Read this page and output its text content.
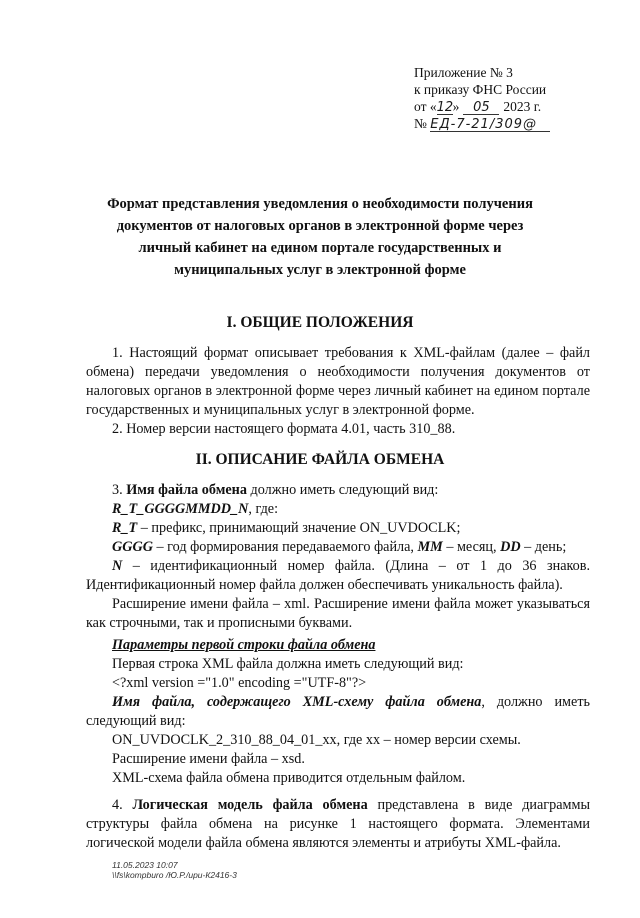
Приложение № 3
к приказу ФНС России
от «12» 05 2023 г.
№ ЕД-7-21/309@
Формат представления уведомления о необходимости получения документов от налоговых органов в электронной форме через личный кабинет на едином портале государственных и муниципальных услуг в электронной форме
I. ОБЩИЕ ПОЛОЖЕНИЯ

1. Настоящий формат описывает требования к XML-файлам (далее – файл обмена) передачи уведомления о необходимости получения документов от налоговых органов в электронной форме через личный кабинет на едином портале государственных и муниципальных услуг в электронной форме.

2. Номер версии настоящего формата 4.01, часть 310_88.

II. ОПИСАНИЕ ФАЙЛА ОБМЕНА

3. Имя файла обмена должно иметь следующий вид:

R_T_GGGGMMDD_N, где:

R_T – префикс, принимающий значение ON_UVDOCLK;

GGGG – год формирования передаваемого файла, MM – месяц, DD – день;

N – идентификационный номер файла. (Длина – от 1 до 36 знаков. Идентификационный номер файла должен обеспечивать уникальность файла).

Расширение имени файла – xml. Расширение имени файла может указываться как строчными, так и прописными буквами.

Параметры первой строки файла обмена

Первая строка XML файла должна иметь следующий вид:

<?xml version ="1.0" encoding ="UTF-8"?>

Имя файла, содержащего XML-схему файла обмена, должно иметь следующий вид:

ON_UVDOCLK_2_310_88_04_01_xx, где хх – номер версии схемы.

Расширение имени файла – xsd.

XML-схема файла обмена приводится отдельным файлом.

4. Логическая модель файла обмена представлена в виде диаграммы структуры файла обмена на рисунке 1 настоящего формата. Элементами логической модели файла обмена являются элементы и атрибуты XML-файла.

11.05.2023 10:07
\\fs\kompburo /Ю.Р./ири-К2416-3
